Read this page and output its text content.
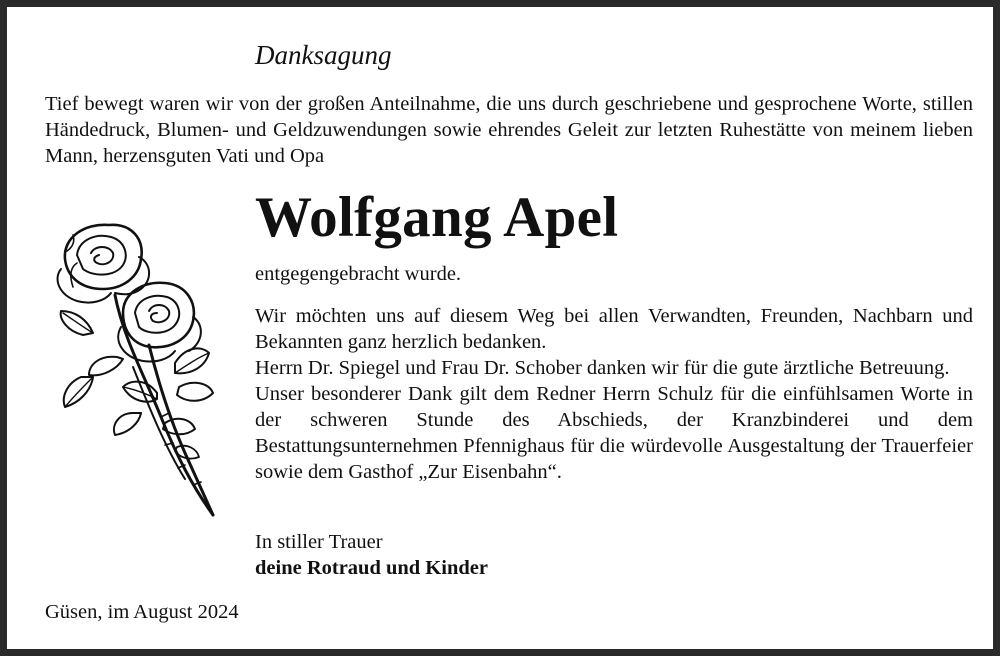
Danksagung

Tief bewegt waren wir von der großen Anteilnahme, die uns durch geschriebene und gesprochene Worte, stillen Händedruck, Blumen- und Geldzuwendungen sowie ehrendes Geleit zur letzten Ruhestätte von meinem lieben Mann, herzensguten Vati und Opa

Wolfgang Apel

entgegengebracht wurde.

Wir möchten uns auf diesem Weg bei allen Verwandten, Freunden, Nachbarn und Bekannten ganz herzlich bedanken.

Herrn Dr. Spiegel und Frau Dr. Schober danken wir für die gute ärztliche Betreuung.

Unser besonderer Dank gilt dem Redner Herrn Schulz für die einfühlsamen Worte in der schweren Stunde des Abschieds, der Kranzbinderei und dem Bestattungsunternehmen Pfennighaus für die würdevolle Ausgestaltung der Trauerfeier sowie dem Gasthof „Zur Eisenbahn“.

In stiller Trauer
deine Rotraud und Kinder
Güsen, im August 2024
